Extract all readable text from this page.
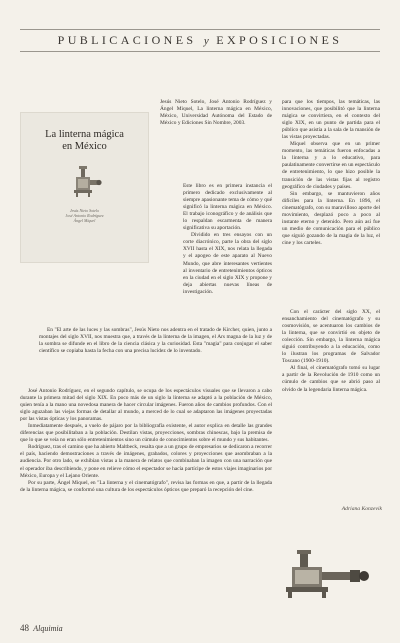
PUBLICACIONES y EXPOSICIONES
La linterna mágica
en México
Jesús Nieto Sotelo
José Antonio Rodríguez
Ángel Miquel

Jesús Nieto Sotelo, José Antonio Rodríguez y Ángel Miquel, La linterna mágica en México, México, Universidad Autónoma del Estado de México y Ediciones Sin Nombre, 2003.

Este libro es en primera instancia el primero dedicado exclusivamente al siempre apasionante tema de cómo y qué significó la linterna mágica en México. El trabajo iconográfico y de análisis que lo respaldan escarmenta de manera significativa su aportación.

Dividido en tres ensayos con un corte diacrónico, parte la obra del siglo XVII hasta el XIX, nos relata la llegada y el apogeo de este aparato al Nuevo Mundo, que abre interesantes vertientes al inventario de entretenimientos ópticos en la ciudad en el siglo XIX y propone y deja abiertas nuevas líneas de investigación.

En "El arte de las luces y las sombras", Jesús Nieto nos adentra en el tratado de Kircher, quien, junto a montajes del siglo XVII, nos muestra que, a través de la linterna de la imagen, el Ars magna de la luz y de la sombra se difunde en el libro de la ciencia clásica y la curiosidad. Esta "magia" para conjugar el saber científico se copiaba hasta la fecha con una precisa lucidez de lo inventado.

José Antonio Rodríguez, en el segundo capítulo, se ocupa de los espectáculos visuales que se llevaron a cabo durante la primera mitad del siglo XIX. En poco más de un siglo la linterna se adaptó a la población de México, quien tenía a la mano una novedosa manera de hacer circular imágenes. Fueron años de cambios profundos. Con el siglo aguzaban las viejas formas de detallar al mundo, a merced de lo cual se adaptaron las imágenes proyectadas por las vistas ópticas y los panoramas.

Inmediatamente después, a vuelo de pájaro por la bibliografía existente, el autor explica en detalle las grandes diferencias que posibilitaban a la población. Destilan vistas, proyecciones, sombras chinescas, bajo la premisa de que lo que se veía no eran sólo entretenimientos sino un cúmulo de conocimientos sobre el mundo y sus habitantes.

Rodríguez, tras el camino que ha abierto Maltbeck, resalta que a un grupo de empresarios se dedicaron a recorrer el país, haciendo demostraciones a través de imágenes, grabados, colores y proyecciones que asombraban a la audiencia. Por otro lado, se exhibían vistas a la manera de relatos que combinaban la imagen con una narración que el operador iba describiendo, y pone en relieve cómo el espectador se hacía partícipe de estos viajes imaginarios por México, Europa y el Lejano Oriente.

Por su parte, Ángel Miquel, en "La linterna y el cinematógrafo", revisa las formas en que, a partir de la llegada de la linterna mágica, se conformó una cultura de los espectáculos ópticos que preparó la recepción del cine.

para que los tiempos, las temáticas, las innovaciones, que posibilitó que la linterna mágica se convirtiera, en el contexto del siglo XIX, en un punto de partida para el público que asistía a la sala de la mansión de las vistas proyectadas.

Miquel observa que en un primer momento, las temáticas fueron enfocadas a la linterna y a lo educativo, para paulatinamente convertirse en un espectáculo de entretenimiento, lo que hizo posible la transición de las vistas fijas al registro geográfico de ciudades y países.

Sin embargo, se mantuvieron años difíciles para la linterna. En 1896, el cinematógrafo, con su maravilloso aporte del movimiento, desplazó poco a poco al instante eterno y detenido. Pero aún así fue un medio de comunicación para el público que siguió gozando de la magia de la luz, el cine y los carteles.

Con el carácter del siglo XX, el ensanchamiento del cinematógrafo y su cosmovisión, se acentuaron los cambios de la linterna, que se convirtió en objeto de colección. Sin embargo, la linterna mágica siguió contribuyendo a la educación, como lo ilustran los programas de Salvador Toscano (1900-1910).

Al final, el cinematógrafo tomó su lugar a partir de la Revolución de 1910 como un cúmulo de cambios que se abrió paso al olvido de la legendaria linterna mágica.

Adriana Konzevik
48 Alquimia
